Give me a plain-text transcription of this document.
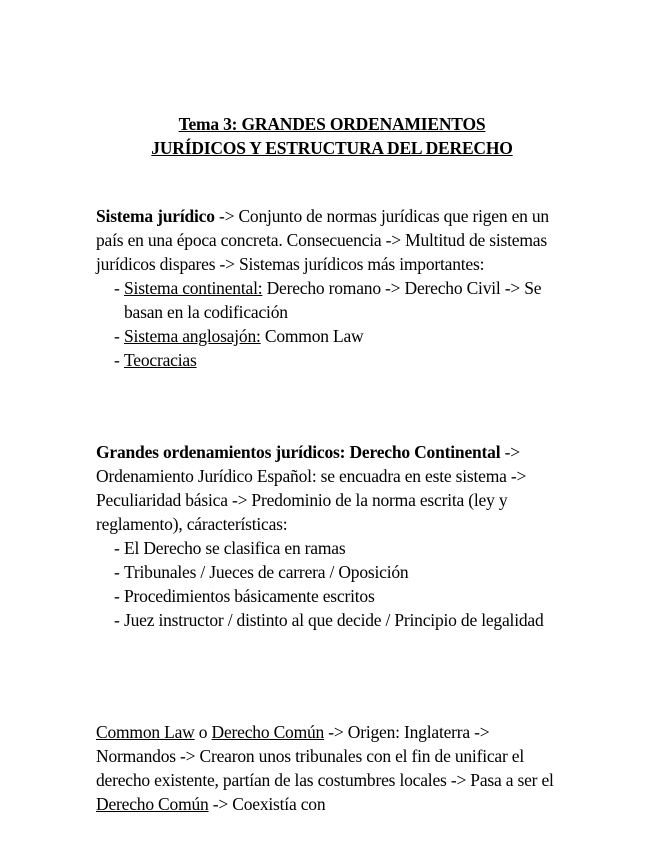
Tema 3: GRANDES ORDENAMIENTOS
JURÍDICOS Y ESTRUCTURA DEL DERECHO

Sistema jurídico -> Conjunto de normas jurídicas que rigen en un país en una época concreta. Consecuencia -> Multitud de sistemas jurídicos dispares -> Sistemas jurídicos más importantes:

- Sistema continental: Derecho romano -> Derecho Civil -> Se basan en la codificación
- Sistema anglosajón: Common Law
- Teocracias

Grandes ordenamientos jurídicos: Derecho Continental -> Ordenamiento Jurídico Español: se encuadra en este sistema -> Peculiaridad básica -> Predominio de la norma escrita (ley y reglamento), cáracterísticas:

- El Derecho se clasifica en ramas
- Tribunales / Jueces de carrera / Oposición
- Procedimientos básicamente escritos
- Juez instructor / distinto al que decide / Principio de legalidad

Common Law o Derecho Común -> Origen: Inglaterra -> Normandos -> Crearon unos tribunales con el fin de unificar el derecho existente, partían de las costumbres locales -> Pasa a ser el Derecho Común -> Coexistía con
